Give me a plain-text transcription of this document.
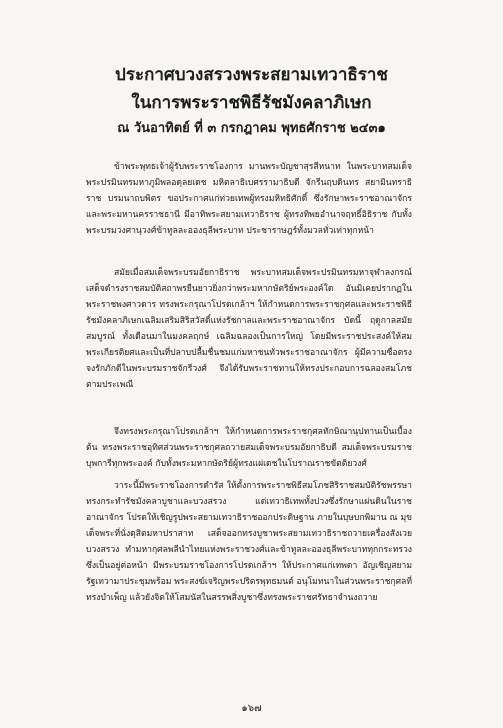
ประกาศบวงสรวงพระสยามเทวาธิราช
ในการพระราชพิธีรัชมังคลาภิเษก
ณ วันอาทิตย์ ที่ ๓ กรกฎาคม พุทธศักราช ๒๔๓๑

ข้าพระพุทธเจ้าผู้รับพระราชโองการ มานพระบัญชาสุรสีหนาท ในพระบาทสมเด็จพระปรมินทรมหาภูมิพลอดุลยเดช มหิตลาธิเบศรรามาธิบดี จักรีนฤบดินทร สยามินทราธิราช บรมนาถบพิตร ขอประกาศแก่ท่วยเทพผู้ทรงมหิทธิศักดิ์ ซึ่งรักษาพระราชอาณาจักรและพระมหานครราชธานี มีอาทิพระสยามเทวาธิราช ผู้ทรงทิพยอำนาจฤทธิ์อิธิราช กับทั้งพระบรมวงศานุวงศ์ข้าทูลละอองธุลีพระบาท ประชาราษฎร์ทั้งมวลทั่วเท่าทุกหน้า

สมัยเมื่อสมเด็จพระบรมอัยกาธิราช พระบาทสมเด็จพระปรมินทรมหาจุฬาลงกรณ์เสด็จดำรงราชสมบัติสถาพรยืนยาวยิ่งกว่าพระมหากษัตริย์พระองค์ใด อันมิเคยปรากฏในพระราชพงศาวดาร ทรงพระกรุณาโปรดเกล้าฯ ให้กำหนดการพระราชกุศลและพระราชพิธีรัชมังคลาภิเษกเฉลิมเสริมสิริสวัสดิ์แห่งรัชกาลและพระราชอาณาจักร บัดนี้ ฤดูกาลสมัยสมบูรณ์ ทั้งเดือนมาในมงคลฤกษ์ เฉลิมฉลองเป็นการใหญ่ โดยมีพระราชประสงค์ให้สมพระเกียรติยศและเป็นที่ปลาบปลื้มชื่นชมแก่มหาชนทั่วพระราชอาณาจักร ผู้มีความซื่อตรงจงรักภักดีในพระบรมราชจักรีวงศ์ จึงได้รับพระราชทานให้ทรงประกอบการฉลองสมโภชตามประเพณี

จึงทรงพระกรุณาโปรดเกล้าฯ ให้กำหนดการพระราชกุศลทักษิณานุปทานเป็นเบื้องต้น ทรงพระราชอุทิศส่วนพระราชกุศลถวายสมเด็จพระบรมอัยกาธิบดี สมเด็จพระบรมราชบุพการีทุกพระองค์ กับทั้งพระมหากษัตริย์ผู้ทรงแผ่เดชในโบราณราชขัตติยวงศ์

วาระนี้มีพระราชโองการดำรัส ให้ตั้งการพระราชพิธีสมโภชสิริราชสมบัติรัชพรรษา ทรงกระทำรัชมังคลาบูชาและบวงสรวง แด่เทวาธิเทพทั้งปวงซึ่งรักษาแผ่นดินในราชอาณาจักร โปรดให้เชิญรูปพระสยามเทวาธิราชออกประดิษฐาน ภายในบุษบกพิมาน ณ มุขเด็จพระที่นั่งดุสิตมหาปราสาท เสด็จออกทรงบูชาพระสยามเทวาธิราชถวายเครื่องสังเวยบวงสรวง ทำมหากุศลพลีนำไทยแห่งพระราชวงศ์และข้าทูลละอองธุลีพระบาททุกกระทรวงซึ่งเป็นอยู่ต่อหน้า มีพระบรมราชโองการโปรดเกล้าฯ ให้ประกาศแก่เทพดา อัญเชิญสยามรัฐเทวามาประชุมพร้อม พระสงฆ์เจริญพระปริตรพุทธมนต์ อนุโมทนาในส่วนพระราชกุศลที่ทรงบำเพ็ญ แล้วยังจิตให้โสมนัสในสรรพสิ่งบูชาซึ่งทรงพระราชศรัทธาจำนงถวาย

๑๖๗
